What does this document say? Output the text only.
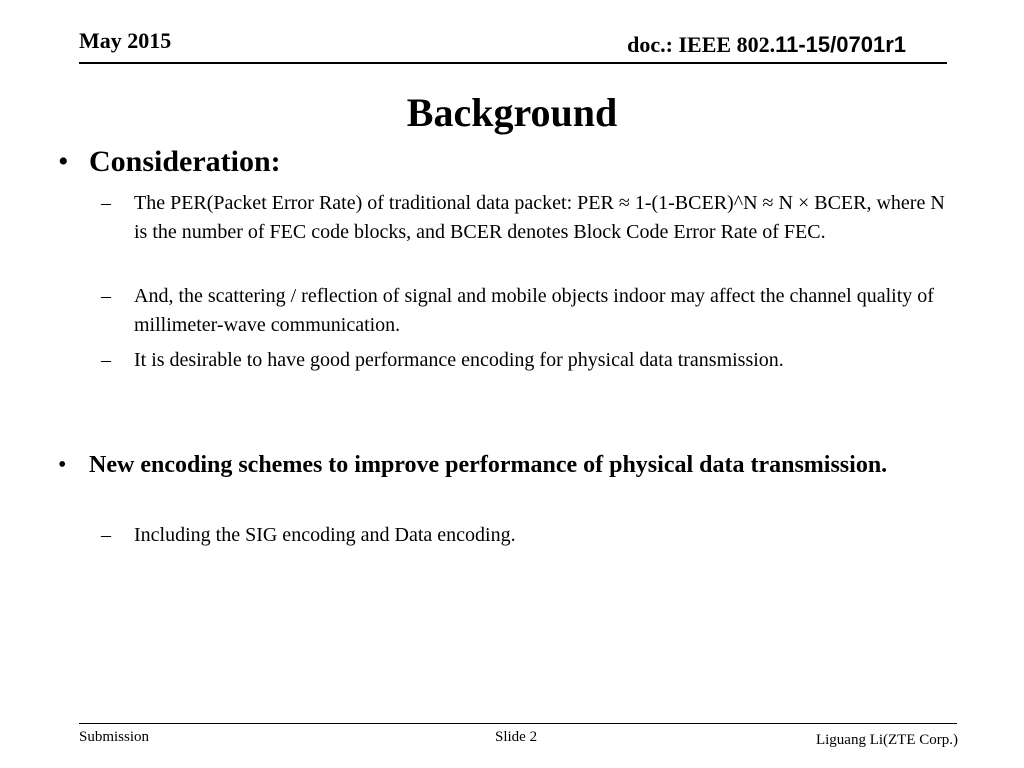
May 2015	doc.: IEEE 802.11-15/0701r1
Background
• Consideration:
– The PER(Packet Error Rate) of traditional data packet: PER ≈ 1-(1-BCER)^N ≈ N × BCER, where N is the number of FEC code blocks, and BCER denotes Block Code Error Rate of FEC.
– And, the scattering / reflection of signal and mobile objects indoor may affect the channel quality of millimeter-wave communication.
– It is desirable to have good performance encoding for physical data transmission.
• New encoding schemes to improve performance of physical data transmission.
– Including the SIG encoding and Data encoding.
Submission	Slide 2	Liguang Li(ZTE Corp.)
